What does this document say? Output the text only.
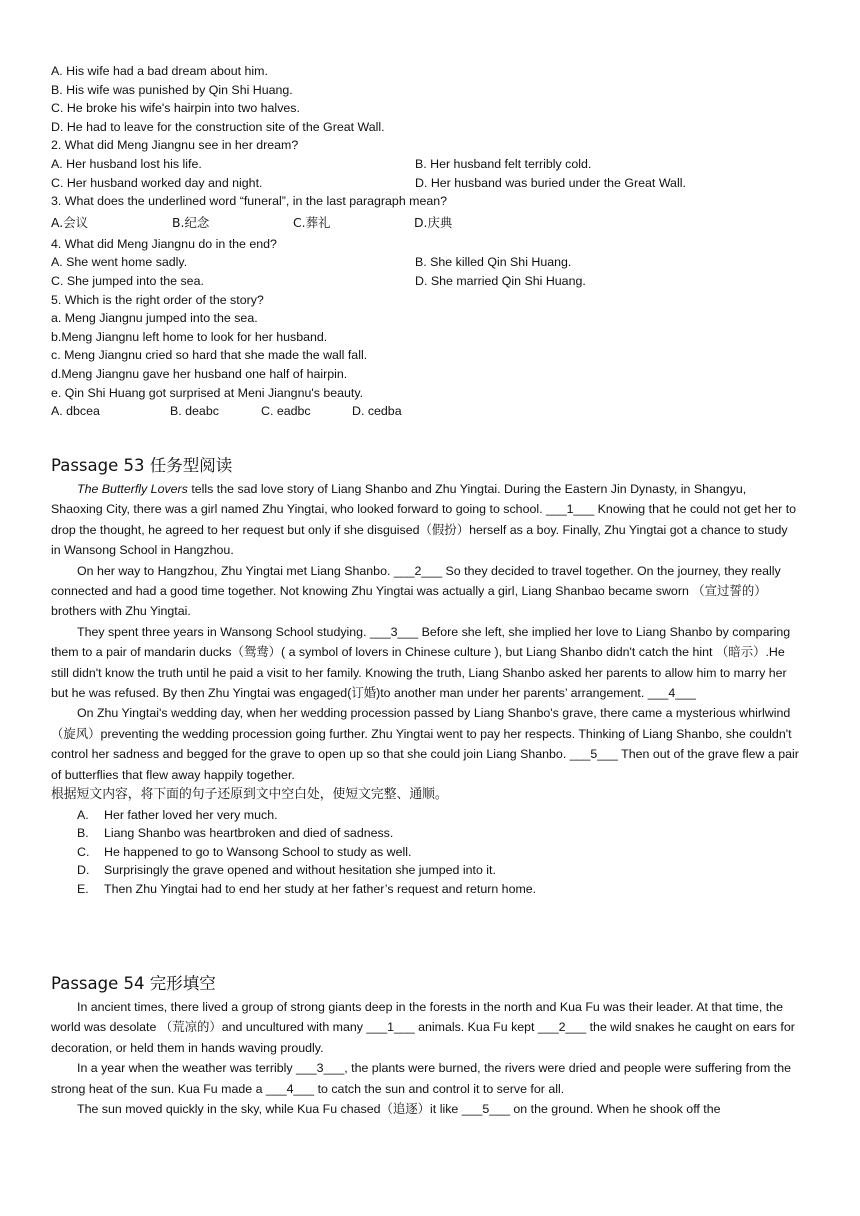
A. His wife had a bad dream about him.
B. His wife was punished by Qin Shi Huang.
C. He broke his wife's hairpin into two halves.
D. He had to leave for the construction site of the Great Wall.
2. What did Meng Jiangnu see in her dream?
A. Her husband lost his life.	B. Her husband felt terribly cold.
C. Her husband worked day and night.	D. Her husband was buried under the Great Wall.
3. What does the underlined word “funeral”, in the last paragraph mean?
A.会议	B.纪念	C.葬礼	D.庆典
4. What did Meng Jiangnu do in the end?
A. She went home sadly.	B. She killed Qin Shi Huang.
C. She jumped into the sea.	D. She married Qin Shi Huang.
5. Which is the right order of the story?
a. Meng Jiangnu jumped into the sea.
b.Meng Jiangnu left home to look for her husband.
c. Meng Jiangnu cried so hard that she made the wall fall.
d.Meng Jiangnu gave her husband one half of hairpin.
e. Qin Shi Huang got surprised at Meni Jiangnu's beauty.
A. dbcea	B. deabc	C. eadbc	D. cedba

Passage 53 任务型阅读

The Butterfly Lovers tells the sad love story of Liang Shanbo and Zhu Yingtai. During the Eastern Jin Dynasty, in Shangyu, Shaoxing City, there was a girl named Zhu Yingtai, who looked forward to going to school. ___1___ Knowing that he could not get her to drop the thought, he agreed to her request but only if she disguised（假扮）herself as a boy. Finally, Zhu Yingtai got a chance to study in Wansong School in Hangzhou.

On her way to Hangzhou, Zhu Yingtai met Liang Shanbo. ___2___ So they decided to travel together. On the journey, they really connected and had a good time together. Not knowing Zhu Yingtai was actually a girl, Liang Shanbao became sworn （宣过誓的）brothers with Zhu Yingtai.

They spent three years in Wansong School studying. ___3___ Before she left, she implied her love to Liang Shanbo by comparing them to a pair of mandarin ducks（鸳鸯）( a symbol of lovers in Chinese culture ), but Liang Shanbo didn't catch the hint （暗示）.He still didn't know the truth until he paid a visit to her family. Knowing the truth, Liang Shanbo asked her parents to allow him to marry her but he was refused. By then Zhu Yingtai was engaged(订婚)to another man under her parents’ arrangement. ___4___

On Zhu Yingtai's wedding day, when her wedding procession passed by Liang Shanbo's grave, there came a mysterious whirlwind （旋风）preventing the wedding procession going further. Zhu Yingtai went to pay her respects. Thinking of Liang Shanbo, she couldn't control her sadness and begged for the grave to open up so that she could join Liang Shanbo. ___5___ Then out of the grave flew a pair of butterflies that flew away happily together.

根据短文内容，将下面的句子还原到文中空白处，使短文完整、通顺。

A. Her father loved her very much.
B. Liang Shanbo was heartbroken and died of sadness.
C. He happened to go to Wansong School to study as well.
D. Surprisingly the grave opened and without hesitation she jumped into it.
E. Then Zhu Yingtai had to end her study at her father’s request and return home.

Passage 54 完形填空

In ancient times, there lived a group of strong giants deep in the forests in the north and Kua Fu was their leader. At that time, the world was desolate （荒凉的）and uncultured with many ___1___ animals. Kua Fu kept ___2___ the wild snakes he caught on ears for decoration, or held them in hands waving proudly.

In a year when the weather was terribly ___3___, the plants were burned, the rivers were dried and people were suffering from the strong heat of the sun. Kua Fu made a ___4___ to catch the sun and control it to serve for all.

The sun moved quickly in the sky, while Kua Fu chased（追逐）it like ___5___ on the ground. When he shook off the
